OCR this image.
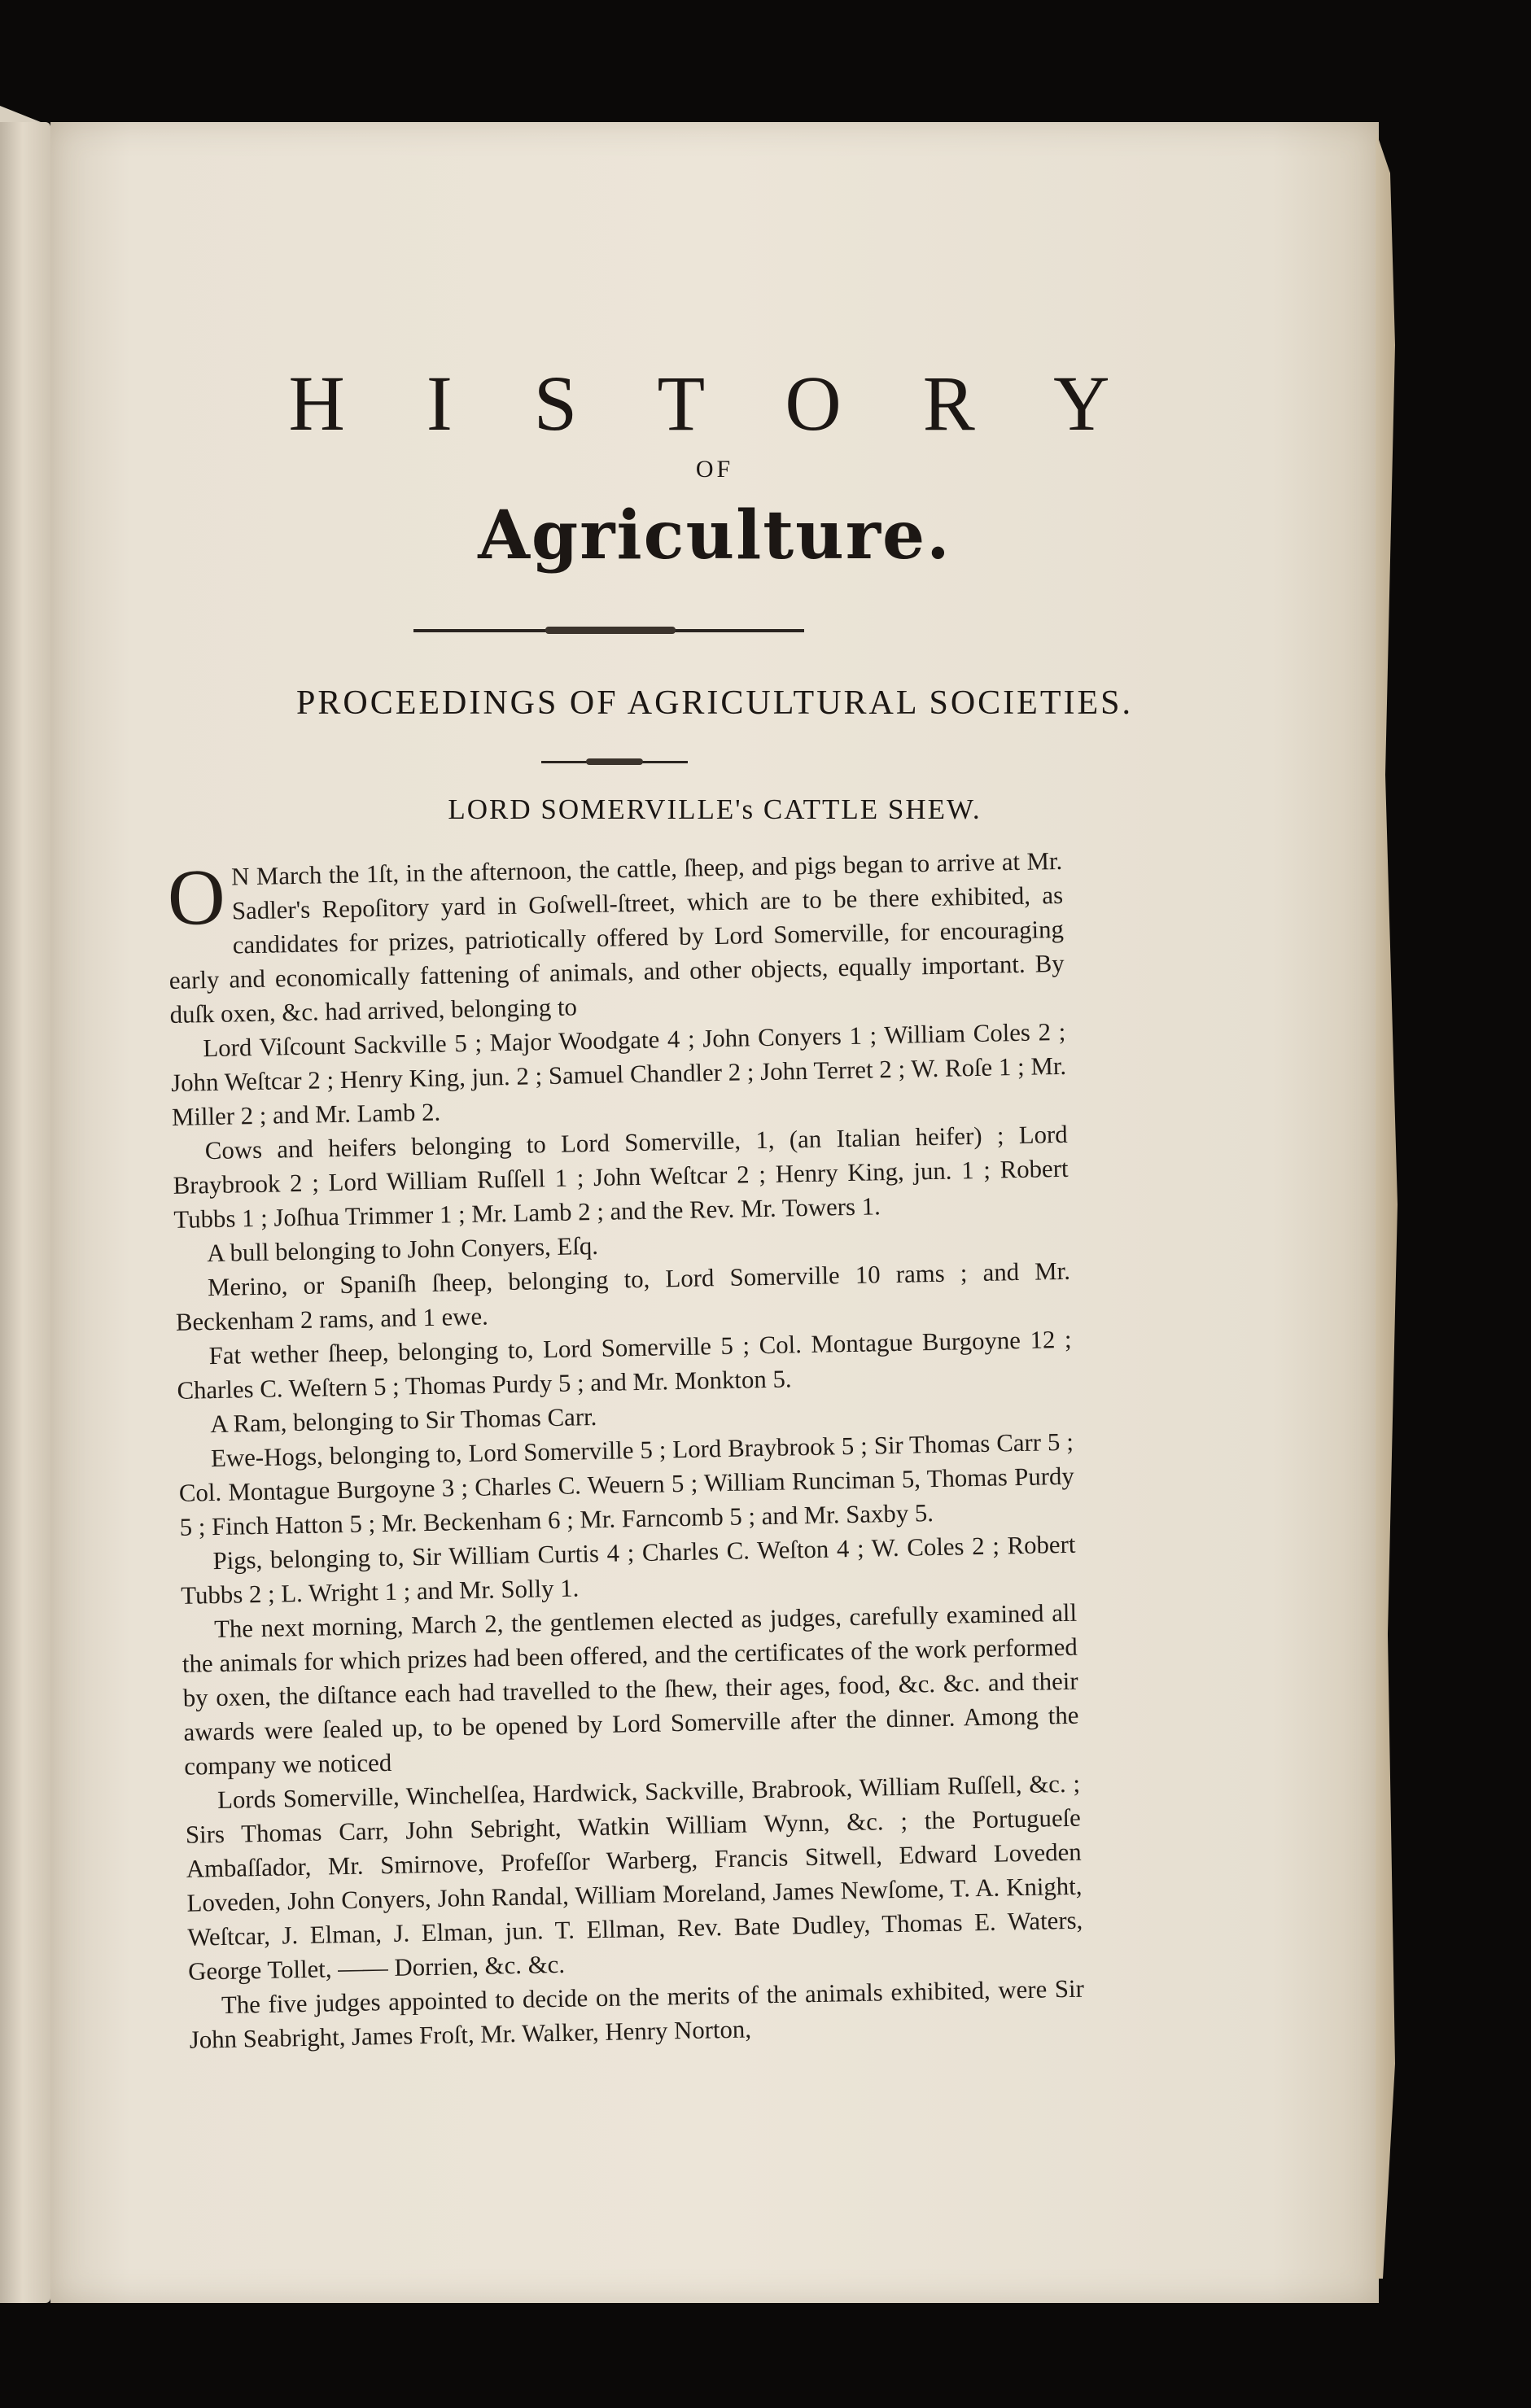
H I S T O R Y
OF
Agriculture.
PROCEEDINGS OF AGRICULTURAL SOCIETIES.
LORD SOMERVILLE's CATTLE SHEW.

O N March the 1ſt, in the afternoon, the cattle, ſheep, and pigs began to arrive at Mr. Sadler's Repoſitory yard in Goſwell-ſtreet, which are to be there exhibited, as candidates for prizes, patriotically offered by Lord Somerville, for encouraging early and economically fattening of animals, and other objects, equally important. By duſk oxen, &c. had arrived, belonging to

Lord Viſcount Sackville 5 ; Major Woodgate 4 ; John Conyers 1 ; William Coles 2 ; John Weſtcar 2 ; Henry King, jun. 2 ; Samuel Chandler 2 ; John Terret 2 ; W. Roſe 1 ; Mr. Miller 2 ; and Mr. Lamb 2.

Cows and heifers belonging to Lord Somerville, 1, (an Italian heifer) ; Lord Braybrook 2 ; Lord William Ruſſell 1 ; John Weſtcar 2 ; Henry King, jun. 1 ; Robert Tubbs 1 ; Joſhua Trimmer 1 ; Mr. Lamb 2 ; and the Rev. Mr. Towers 1.

A bull belonging to John Conyers, Eſq.

Merino, or Spaniſh ſheep, belonging to, Lord Somerville 10 rams ; and Mr. Beckenham 2 rams, and 1 ewe.

Fat wether ſheep, belonging to, Lord Somerville 5 ; Col. Montague Burgoyne 12 ; Charles C. Weſtern 5 ; Thomas Purdy 5 ; and Mr. Monkton 5.

A Ram, belonging to Sir Thomas Carr.

Ewe-Hogs, belonging to, Lord Somerville 5 ; Lord Braybrook 5 ; Sir Thomas Carr 5 ; Col. Montague Burgoyne 3 ; Charles C. Weuern 5 ; William Runciman 5, Thomas Purdy 5 ; Finch Hatton 5 ; Mr. Beckenham 6 ; Mr. Farncomb 5 ; and Mr. Saxby 5.

Pigs, belonging to, Sir William Curtis 4 ; Charles C. Weſton 4 ; W. Coles 2 ; Robert Tubbs 2 ; L. Wright 1 ; and Mr. Solly 1.

The next morning, March 2, the gentlemen elected as judges, carefully examined all the animals for which prizes had been offered, and the certificates of the work performed by oxen, the diſtance each had travelled to the ſhew, their ages, food, &c. &c. and their awards were ſealed up, to be opened by Lord Somerville after the dinner. Among the company we noticed

Lords Somerville, Winchelſea, Hardwick, Sackville, Brabrook, William Ruſſell, &c. ; Sirs Thomas Carr, John Sebright, Watkin William Wynn, &c. ; the Portugueſe Ambaſſador, Mr. Smirnove, Profeſſor Warberg, Francis Sitwell, Edward Loveden Loveden, John Conyers, John Randal, William Moreland, James Newſome, T. A. Knight, Weſtcar, J. Elman, J. Elman, jun. T. Ellman, Rev. Bate Dudley, Thomas E. Waters, George Tollet, —— Dorrien, &c. &c.

The five judges appointed to decide on the merits of the animals exhibited, were Sir John Seabright, James Froſt, Mr. Walker, Henry Norton,
